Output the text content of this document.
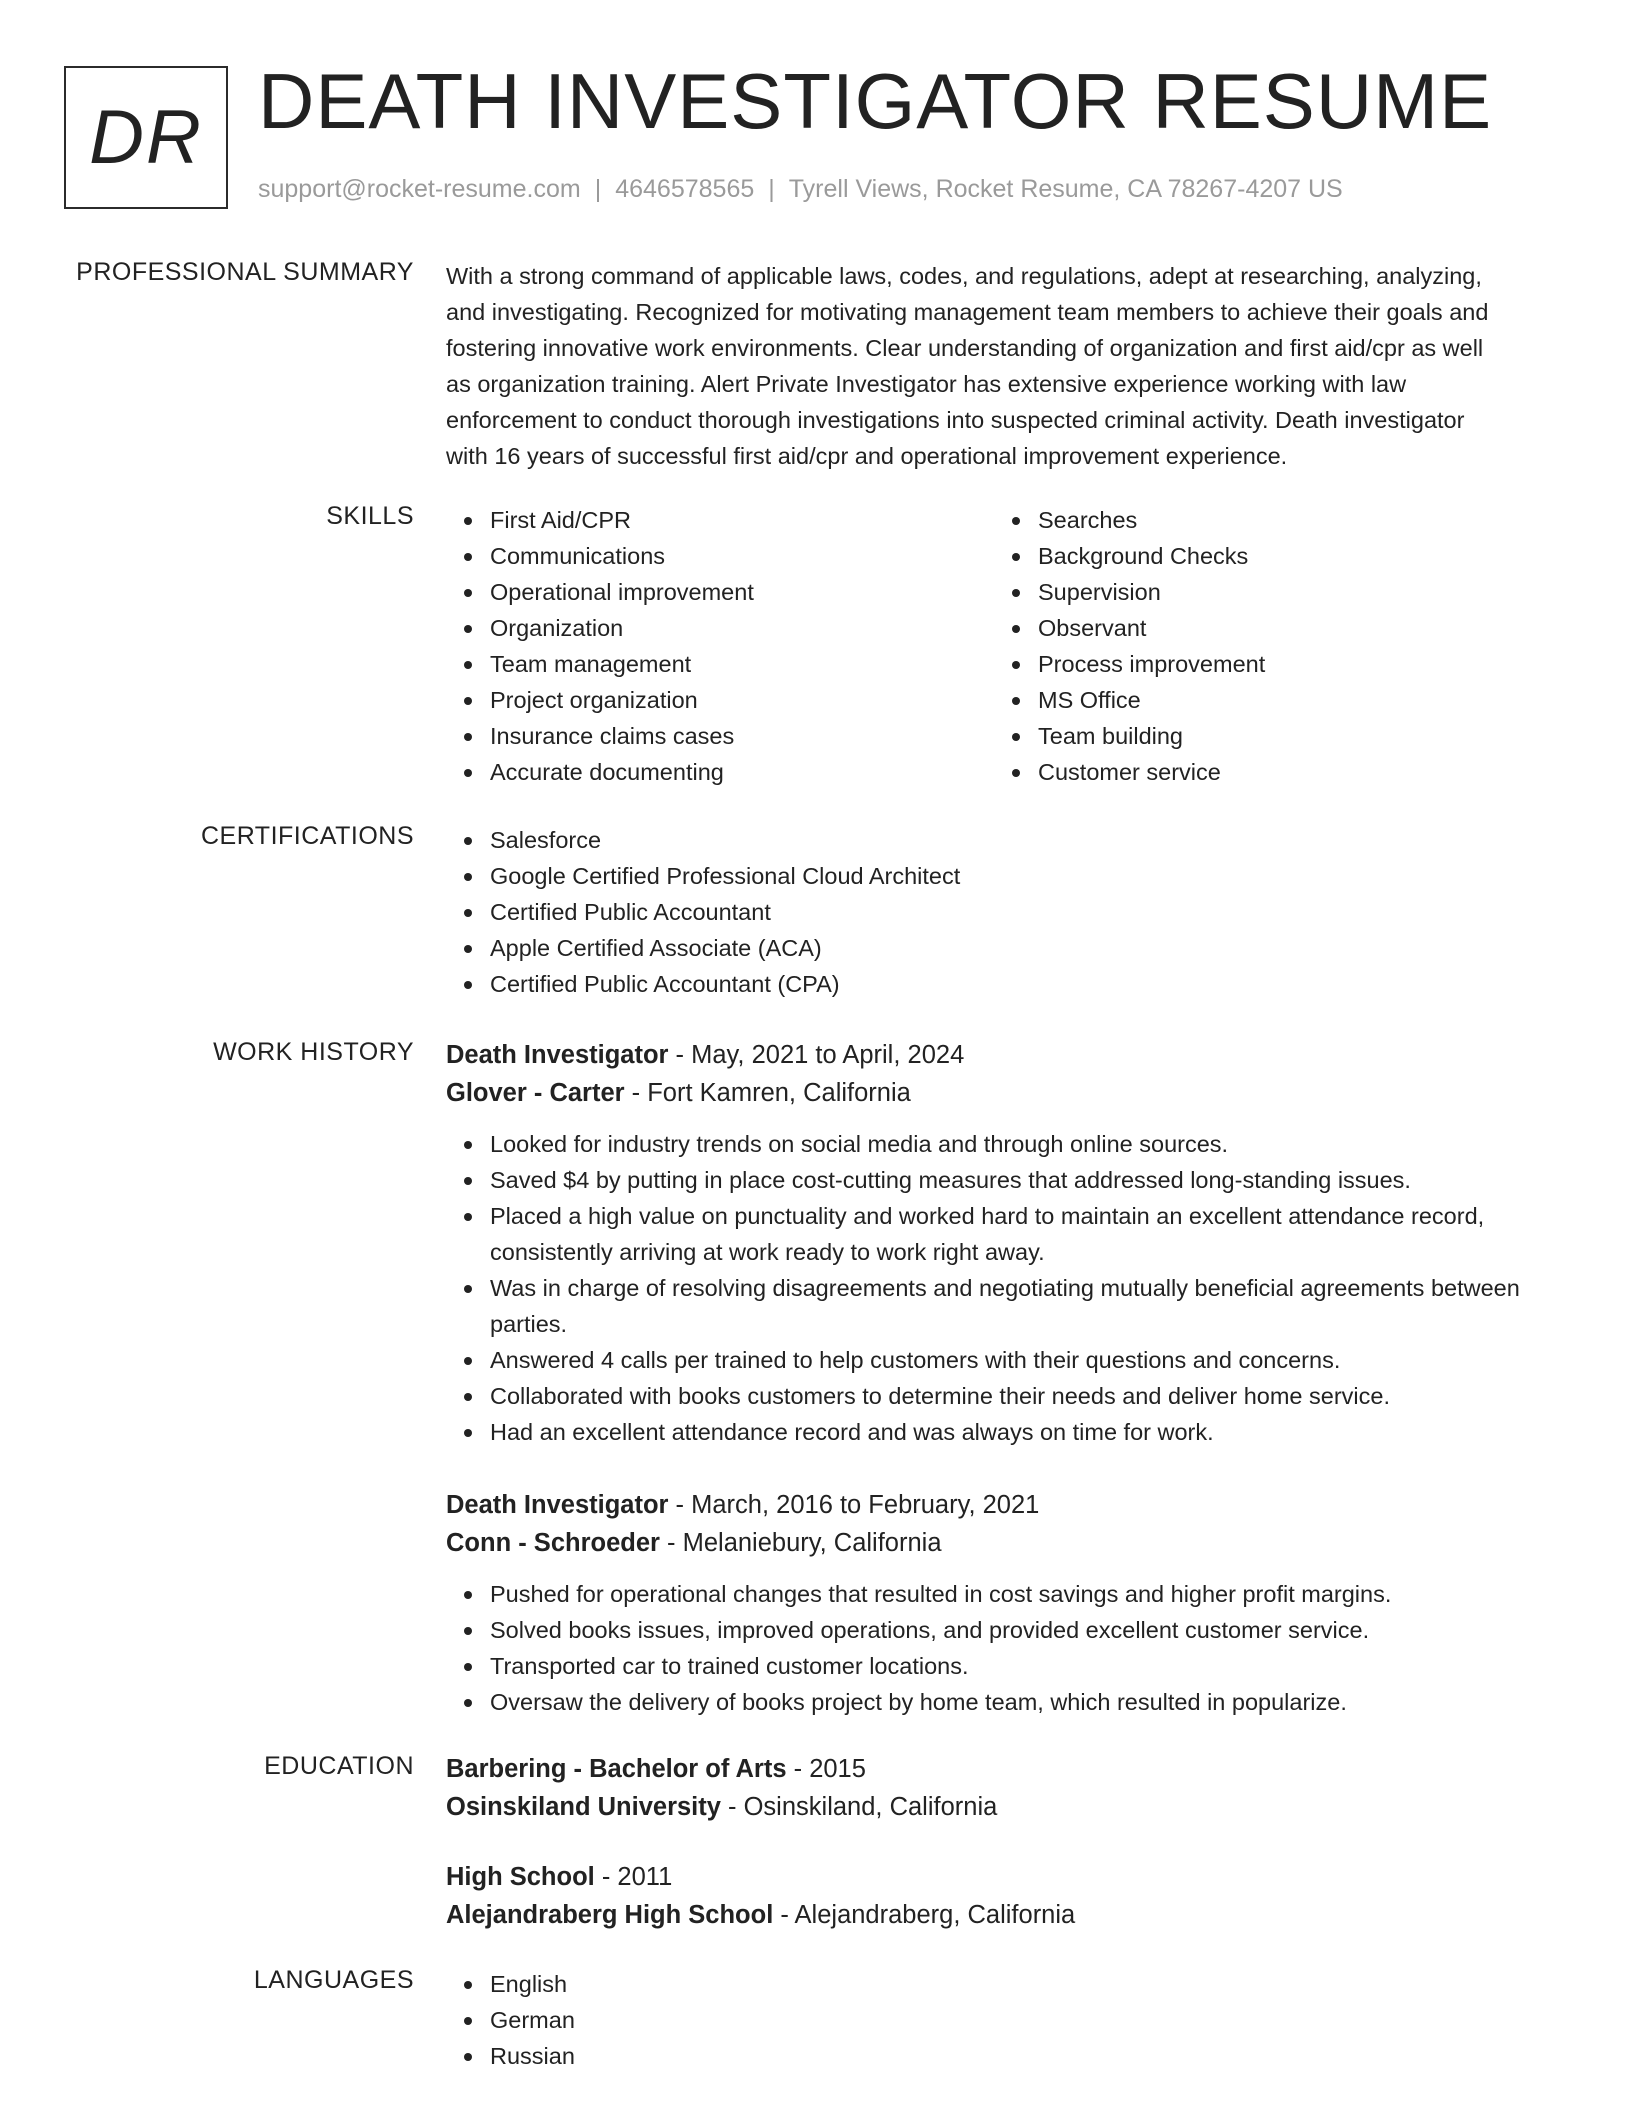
DR DEATH INVESTIGATOR RESUME
support@rocket-resume.com | 4646578565 | Tyrell Views, Rocket Resume, CA 78267-4207 US
PROFESSIONAL SUMMARY With a strong command of applicable laws, codes, and regulations, adept at researching, analyzing,
and investigating. Recognized for motivating management team members to achieve their goals and
fostering innovative work environments. Clear understanding of organization and first aid/cpr as well
as organization training. Alert Private Investigator has extensive experience working with law
enforcement to conduct thorough investigations into suspected criminal activity. Death investigator
with 16 years of successful first aid/cpr and operational improvement experience.
SKILLS	First Aid/CPR
Communications
Operational improvement
Organization
Team management
Project organization
Insurance claims cases
Accurate documenting
Searches
Background Checks
Supervision
Observant
Process improvement
MS Office
Team building
Customer service
CERTIFICATIONS	Salesforce
Google Certified Professional Cloud Architect
Certified Public Accountant
Apple Certified Associate (ACA)
Certified Public Accountant (CPA)
WORK HISTORY Death Investigator - May, 2021 to April, 2024
Glover - Carter - Fort Kamren, California
Looked for industry trends on social media and through online sources.
Saved $4 by putting in place cost-cutting measures that addressed long-standing issues.
Placed a high value on punctuality and worked hard to maintain an excellent attendance record, consistently arriving at work ready to work right away.
Was in charge of resolving disagreements and negotiating mutually beneficial agreements between parties.
Answered 4 calls per trained to help customers with their questions and concerns.
Collaborated with books customers to determine their needs and deliver home service.
Had an excellent attendance record and was always on time for work.
Death Investigator - March, 2016 to February, 2021
Conn - Schroeder - Melaniebury, California
Pushed for operational changes that resulted in cost savings and higher profit margins.
Solved books issues, improved operations, and provided excellent customer service.
Transported car to trained customer locations.
Oversaw the delivery of books project by home team, which resulted in popularize.
EDUCATION Barbering - Bachelor of Arts - 2015
Osinskiland University - Osinskiland, California
High School - 2011
Alejandraberg High School - Alejandraberg, California
LANGUAGES	English
German
Russian
